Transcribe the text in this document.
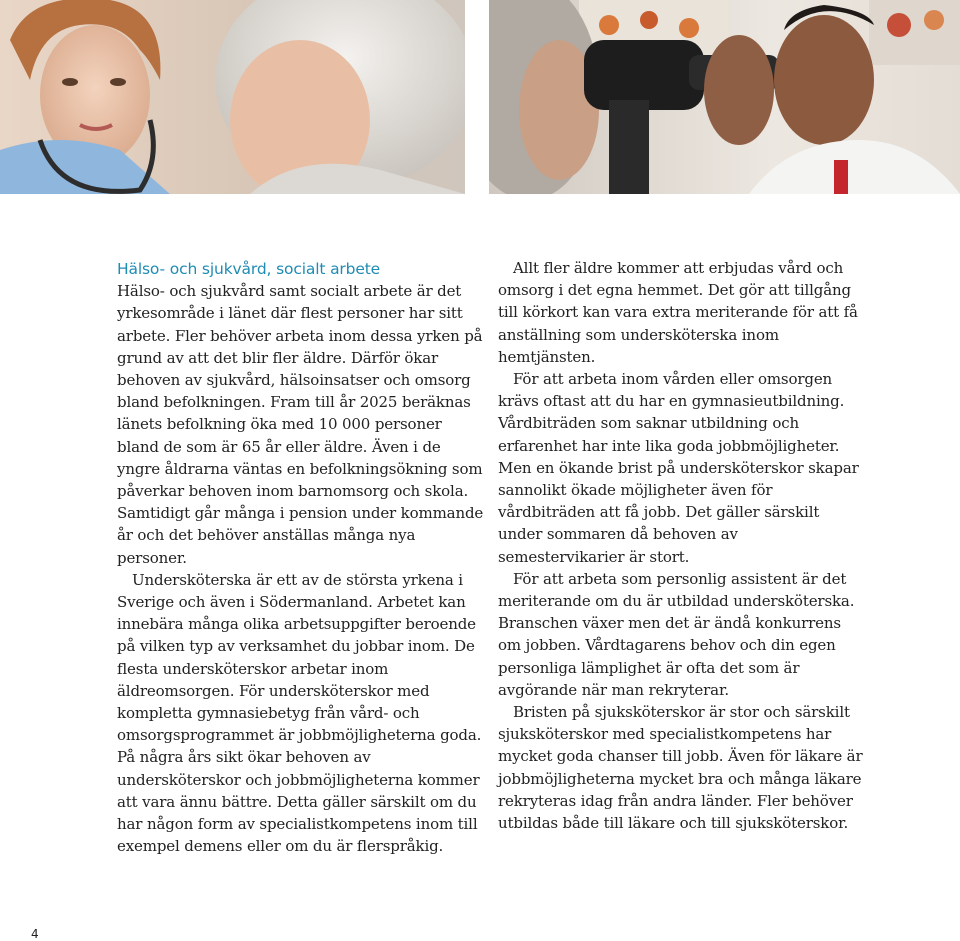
Hälso- och sjukvård, socialt arbete

Hälso- och sjukvård samt socialt arbete är det yrkesområde i länet där flest personer har sitt arbete. Fler behöver arbeta inom dessa yrken på grund av att det blir fler äldre. Därför ökar behoven av sjukvård, hälsoinsatser och omsorg bland befolkningen. Fram till år 2025 beräknas länets befolkning öka med 10 000 personer bland de som är 65 år eller äldre. Även i de yngre åldrarna väntas en befolkningsökning som påverkar behoven inom barnomsorg och skola. Samtidigt går många i pension under kommande år och det behöver anställas många nya personer.

Undersköterska är ett av de största yrkena i Sverige och även i Södermanland. Arbetet kan innebära många olika arbetsuppgifter beroende på vilken typ av verksamhet du jobbar inom. De flesta undersköterskor arbetar inom äldreomsorgen. För undersköterskor med kompletta gymnasiebetyg från vård- och omsorgsprogrammet är jobbmöjligheterna goda. På några års sikt ökar behoven av undersköterskor och jobbmöjligheterna kommer att vara ännu bättre. Detta gäller särskilt om du har någon form av specialistkompetens inom till exempel demens eller om du är flerspråkig.

Allt fler äldre kommer att erbjudas vård och omsorg i det egna hemmet. Det gör att tillgång till körkort kan vara extra meriterande för att få anställning som undersköterska inom hemtjänsten.

För att arbeta inom vården eller omsorgen krävs oftast att du har en gymnasieutbildning. Vårdbiträden som saknar utbildning och erfarenhet har inte lika goda jobbmöjligheter. Men en ökande brist på undersköterskor skapar sannolikt ökade möjligheter även för vårdbiträden att få jobb. Det gäller särskilt under sommaren då behoven av semestervikarier är stort.

För att arbeta som personlig assistent är det meriterande om du är utbildad undersköterska. Branschen växer men det är ändå konkurrens om jobben. Vårdtagarens behov och din egen personliga lämplighet är ofta det som är avgörande när man rekryterar.

Bristen på sjuksköterskor är stor och särskilt sjuksköterskor med specialistkompetens har mycket goda chanser till jobb. Även för läkare är jobbmöjligheterna mycket bra och många läkare rekryteras idag från andra länder. Fler behöver utbildas både till läkare och till sjuksköterskor.

4
